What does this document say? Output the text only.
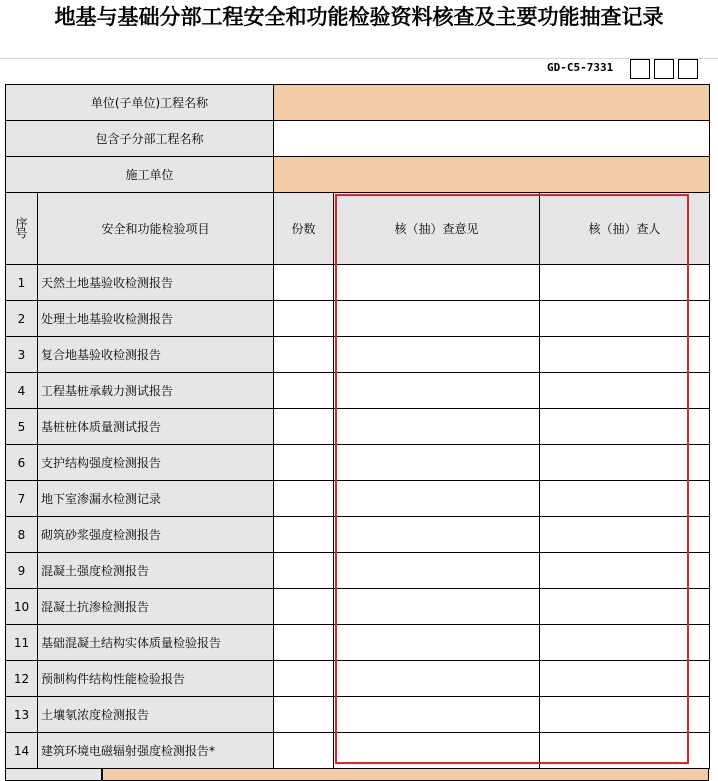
地基与基础分部工程安全和功能检验资料核查及主要功能抽查记录
GD-C5-7331
单位(子单位)工程名称				
包含子分部工程名称				
施工单位				
序号	安全和功能检验项目	份数	核（抽）查意见	核（抽）查人
1	天然土地基验收检测报告			
2	处理土地基验收检测报告			
3	复合地基验收检测报告			
4	工程基桩承载力测试报告			
5	基桩桩体质量测试报告			
6	支护结构强度检测报告			
7	地下室渗漏水检测记录			
8	砌筑砂浆强度检测报告			
9	混凝土强度检测报告			
10	混凝土抗渗检测报告			
11	基础混凝土结构实体质量检验报告			
12	预制构件结构性能检验报告			
13	土壤氡浓度检测报告			
14	建筑环境电磁辐射强度检测报告*			
